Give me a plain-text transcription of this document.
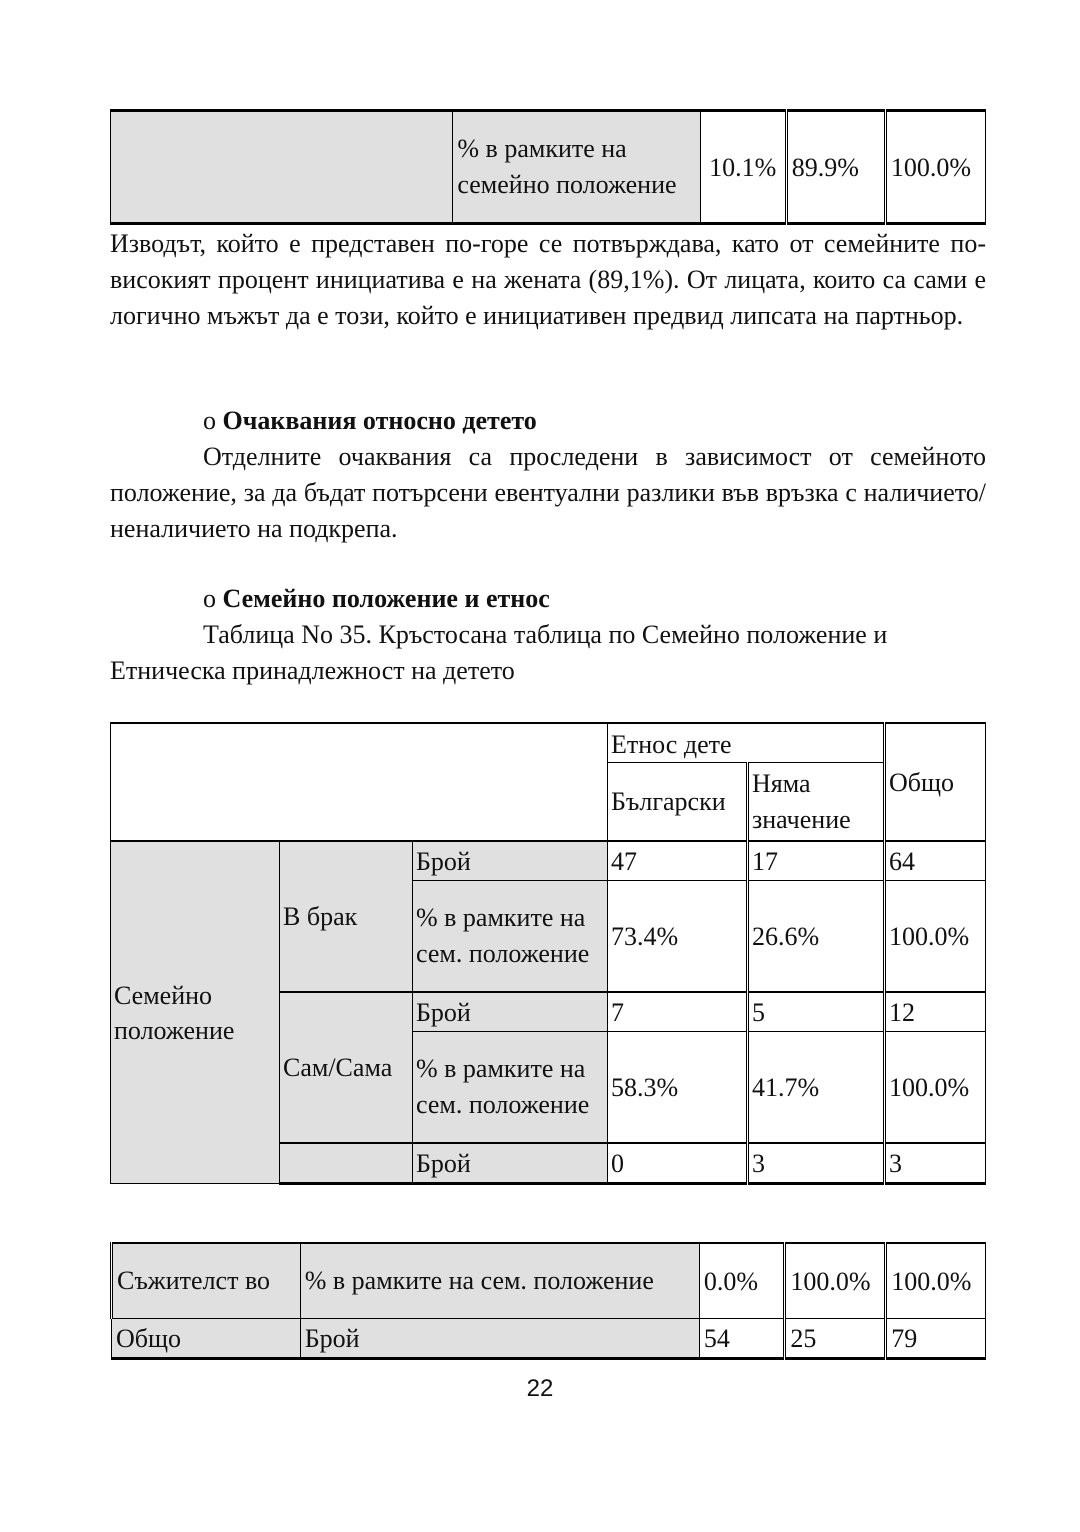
	% в рамките на семейно положение	10.1%	89.9%	100.0%
Изводът, който е представен по-горе се потвърждава, като от семейните по-високият процент инициатива е на жената (89,1%). От лицата, които са сами е логично мъжът да е този, който е инициативен предвид липсата на партньор.
o Очаквания относно детето
Отделните очаквания са проследени в зависимост от семейното положение, за да бъдат потърсени евентуални разлики във връзка с наличието/неналичието на подкрепа.
o Семейно положение и етнос
Таблица No 35. Кръстосана таблица по Семейно положение и Етническа принадлежност на детето
			Етнос дете		Общо
			Български	Няма значение	
Семейно положение	В брак	Брой	47	17	64
		% в рамките на сем. положение	73.4%	26.6%	100.0%
	Сам/Сама	Брой	7	5	12
		% в рамките на сем. положение	58.3%	41.7%	100.0%
		Брой	0	3	3
Съжителст во	% в рамките на сем. положение	0.0%	100.0%	100.0%
Общо	Брой	54	25	79
22
